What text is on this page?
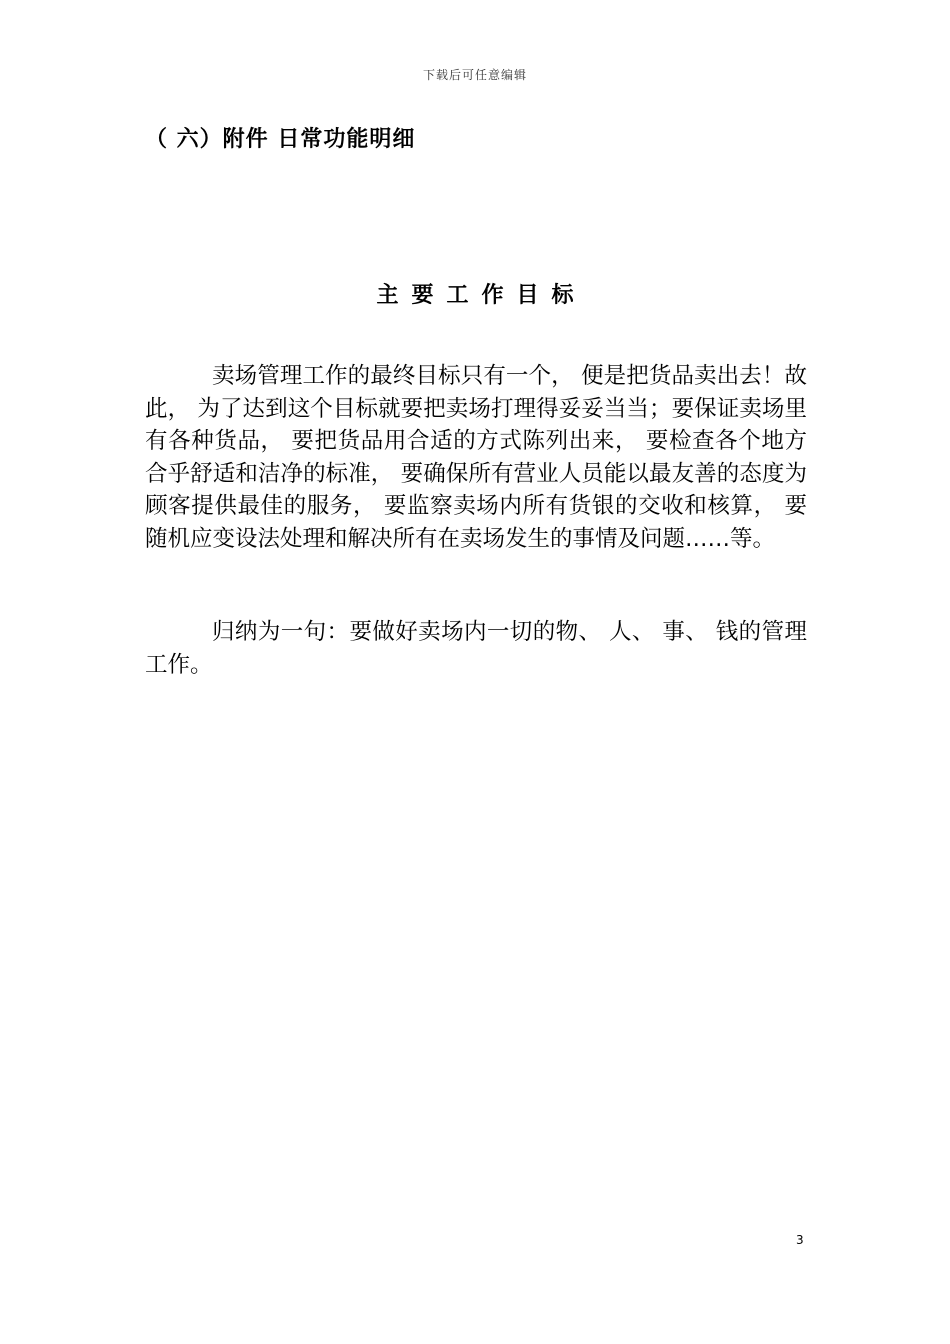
下载后可任意编辑
（ 六）附件 日常功能明细
主要工作目标

卖场管理工作的最终目标只有一个， 便是把货品卖出去！故此， 为了达到这个目标就要把卖场打理得妥妥当当；要保证卖场里有各种货品， 要把货品用合适的方式陈列出来， 要检查各个地方合乎舒适和洁净的标准， 要确保所有营业人员能以最友善的态度为顾客提供最佳的服务， 要监察卖场内所有货银的交收和核算， 要随机应变设法处理和解决所有在卖场发生的事情及问题……等。

归纳为一句：要做好卖场内一切的物、 人、 事、 钱的管理工作。

3
